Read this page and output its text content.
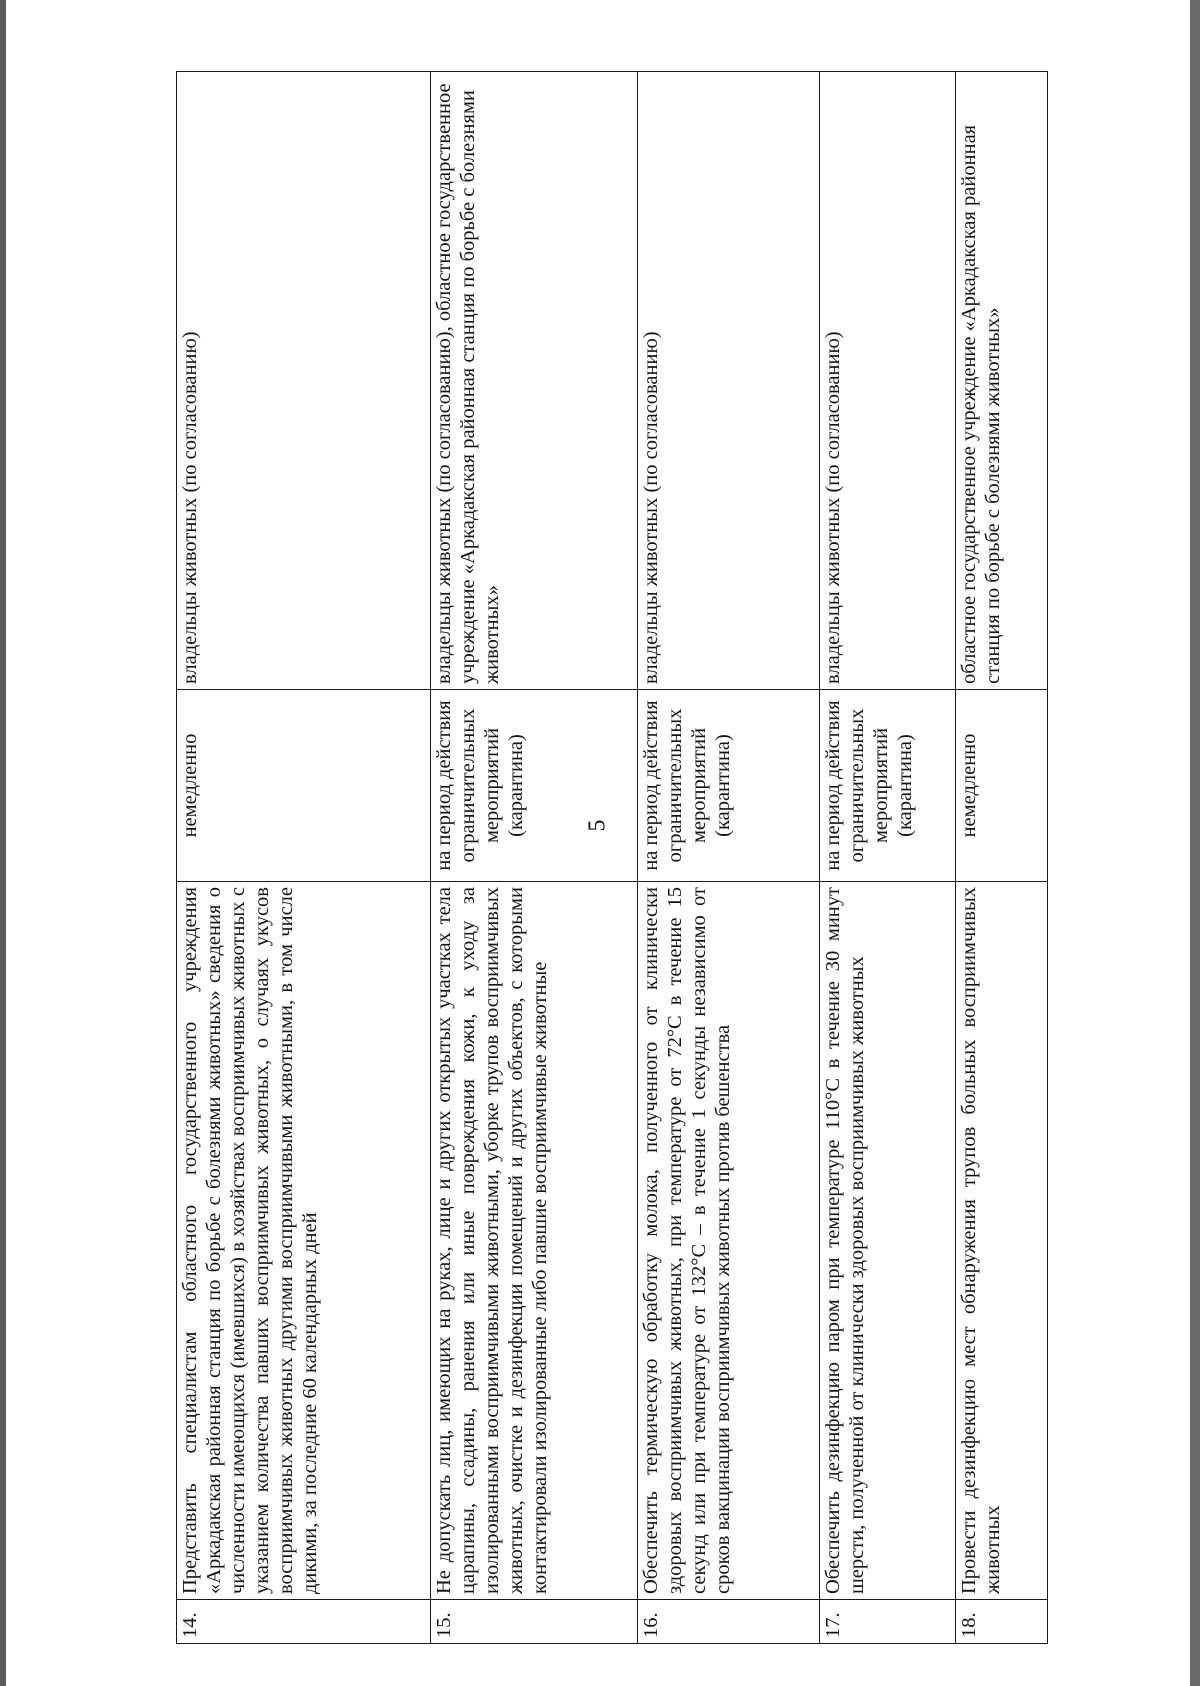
5
14.	Представить специалистам областного государственного учреждения «Аркадакская районная станция по борьбе с болезнями животных» сведения о численности имеющихся (имевшихся) в хозяйствах восприимчивых животных с указанием количества павших восприимчивых животных, о случаях укусов восприимчивых животных другими восприимчивыми животными, в том числе дикими, за последние 60 календарных дней	немедленно	владельцы животных (по согласованию)
15.	Не допускать лиц, имеющих на руках, лице и других открытых участках тела царапины, ссадины, ранения или иные повреждения кожи, к уходу за изолированными восприимчивыми животными, уборке трупов восприимчивых животных, очистке и дезинфекции помещений и других объектов, с которыми контактировали изолированные либо павшие восприимчивые животные	на период действия ограничительных мероприятий (карантина)	владельцы животных (по согласованию), областное государственное учреждение «Аркадакская районная станция по борьбе с болезнями животных»
16.	Обеспечить термическую обработку молока, полученного от клинически здоровых восприимчивых животных, при температуре от 72°С в течение 15 секунд или при температуре от 132°С – в течение 1 секунды независимо от сроков вакцинации восприимчивых животных против бешенства	на период действия ограничительных мероприятий (карантина)	владельцы животных (по согласованию)
17.	Обеспечить дезинфекцию паром при температуре 110°С в течение 30 минут шерсти, полученной от клинически здоровых восприимчивых животных	на период действия ограничительных мероприятий (карантина)	владельцы животных (по согласованию)
18.	Провести дезинфекцию мест обнаружения трупов больных восприимчивых животных	немедленно	областное государственное учреждение «Аркадакская районная станция по борьбе с болезнями животных»
